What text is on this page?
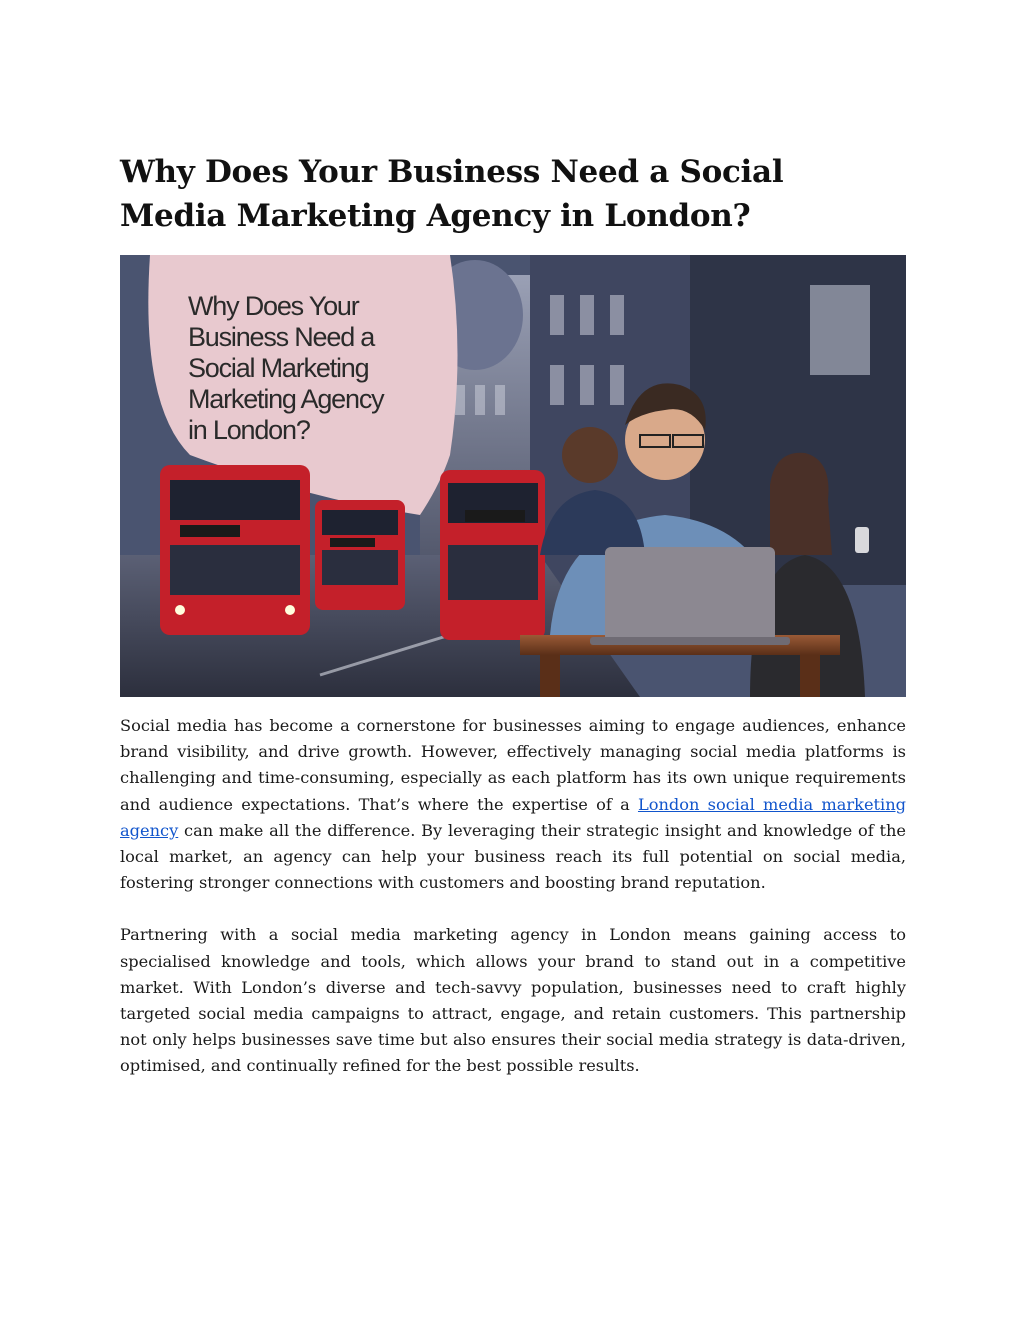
Why Does Your Business Need a Social Media Marketing Agency in London?
Why Does Your
Business Need a
Social Marketing
Marketing Agency
in London?

Social media has become a cornerstone for businesses aiming to engage audiences, enhance brand visibility, and drive growth. However, effectively managing social media platforms is challenging and time-consuming, especially as each platform has its own unique requirements and audience expectations. That’s where the expertise of a London social media marketing agency can make all the difference. By leveraging their strategic insight and knowledge of the local market, an agency can help your business reach its full potential on social media, fostering stronger connections with customers and boosting brand reputation.

Partnering with a social media marketing agency in London means gaining access to specialised knowledge and tools, which allows your brand to stand out in a competitive market. With London’s diverse and tech-savvy population, businesses need to craft highly targeted social media campaigns to attract, engage, and retain customers. This partnership not only helps businesses save time but also ensures their social media strategy is data-driven, optimised, and continually refined for the best possible results.
